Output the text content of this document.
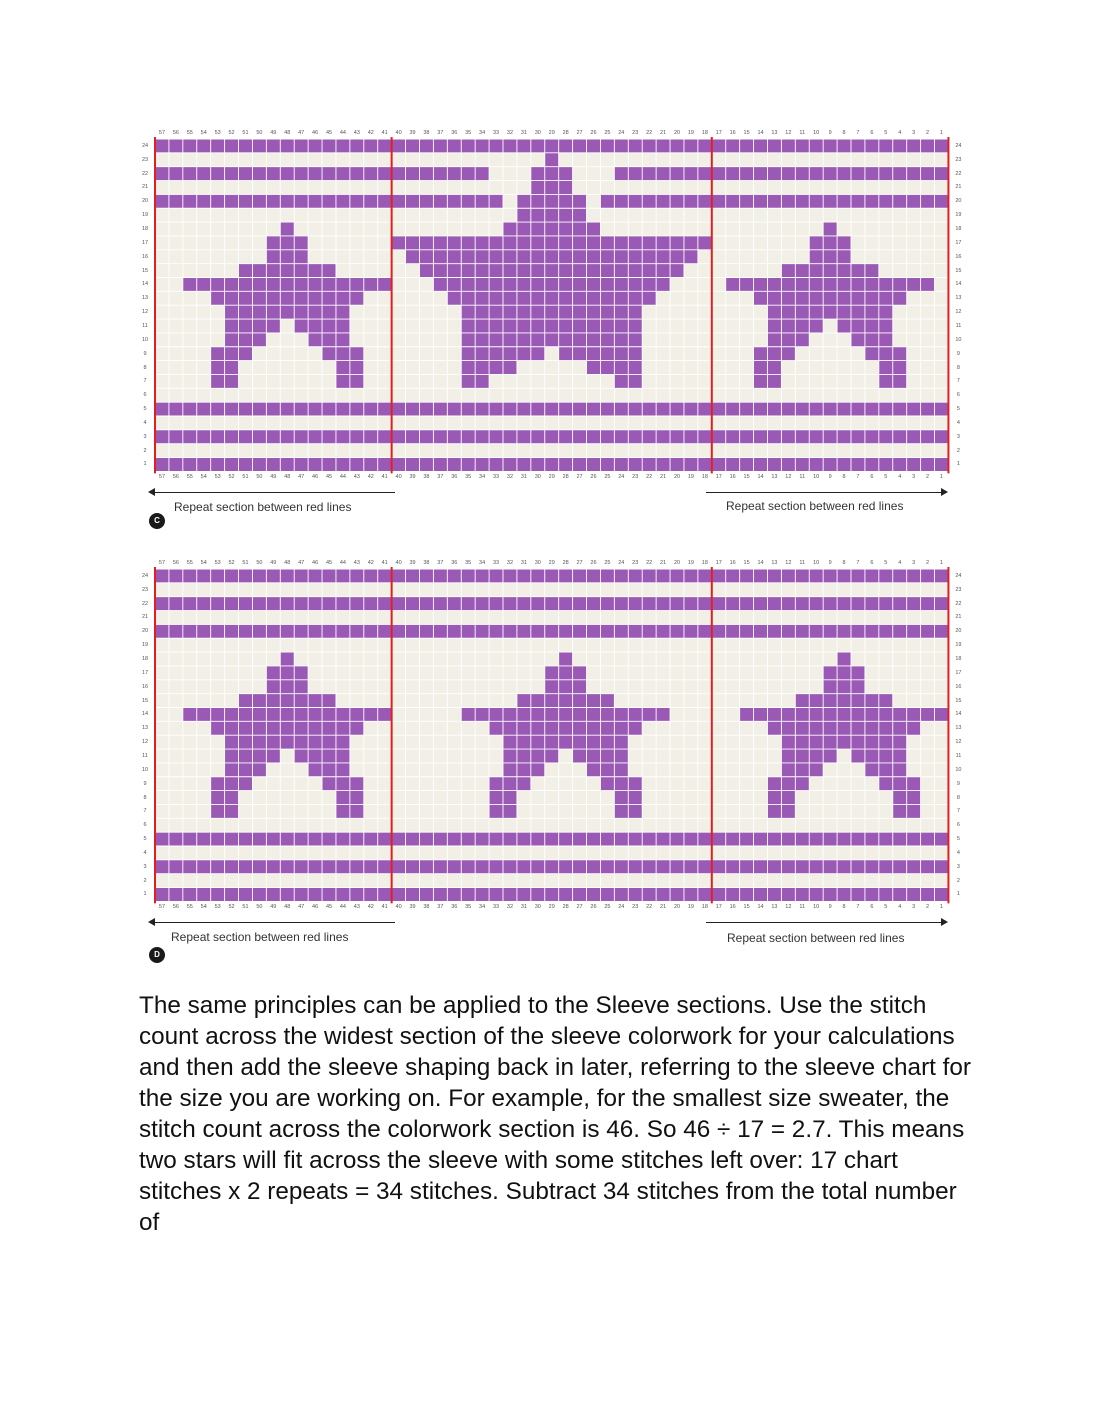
Repeat section between red lines	Repeat section between red lines
C
57
57
56
56
55
55
54
54
53
53
52
52
51
51
50
50
49
49
48
48
47
47
46
46
45
45
44
44
43
43
42
42
41
41
40
40
39
39
38
38
37
37
36
36
35
35
34
34
33
33
32
32
31
31
30
30
29
29
28
28
27
27
26
26
25
25
24
24
23
23
22
22
21
21
20
20
19
19
18
18
17
17
16
16
15
15
14
14
13
13
12
12
11
11
10
10
9
9
8
8
7
7
6
6
5
5
4
4
3
3
2
2
1
1
24	24
23	23
22	22
21	21
20	20
19	19
18	18
17	17
16	16
15	15
14	14
13	13
12	12
11	11
10	10
9	9
8	8
7	7
6	6
5	5
4	4
3	3
2	2
1	1
Repeat section between red lines	Repeat section between red lines
D
57
57
56
56
55
55
54
54
53
53
52
52
51
51
50
50
49
49
48
48
47
47
46
46
45
45
44
44
43
43
42
42
41
41
40
40
39
39
38
38
37
37
36
36
35
35
34
34
33
33
32
32
31
31
30
30
29
29
28
28
27
27
26
26
25
25
24
24
23
23
22
22
21
21
20
20
19
19
18
18
17
17
16
16
15
15
14
14
13
13
12
12
11
11
10
10
9
9
8
8
7
7
6
6
5
5
4
4
3
3
2
2
1
1
24	24
23	23
22	22
21	21
20	20
19	19
18	18
17	17
16	16
15	15
14	14
13	13
12	12
11	11
10	10
9	9
8	8
7	7
6	6
5	5
4	4
3	3
2	2
1	1

The same principles can be applied to the Sleeve sections. Use the stitch count across the widest section of the sleeve colorwork for your calculations and then add the sleeve shaping back in later, referring to the sleeve chart for the size you are working on. For example, for the smallest size sweater, the stitch count across the colorwork section is 46. So 46 ÷ 17 = 2.7. This means two stars will fit across the sleeve with some stitches left over: 17 chart stitches x 2 repeats = 34 stitches. Subtract 34 stitches from the total number of
